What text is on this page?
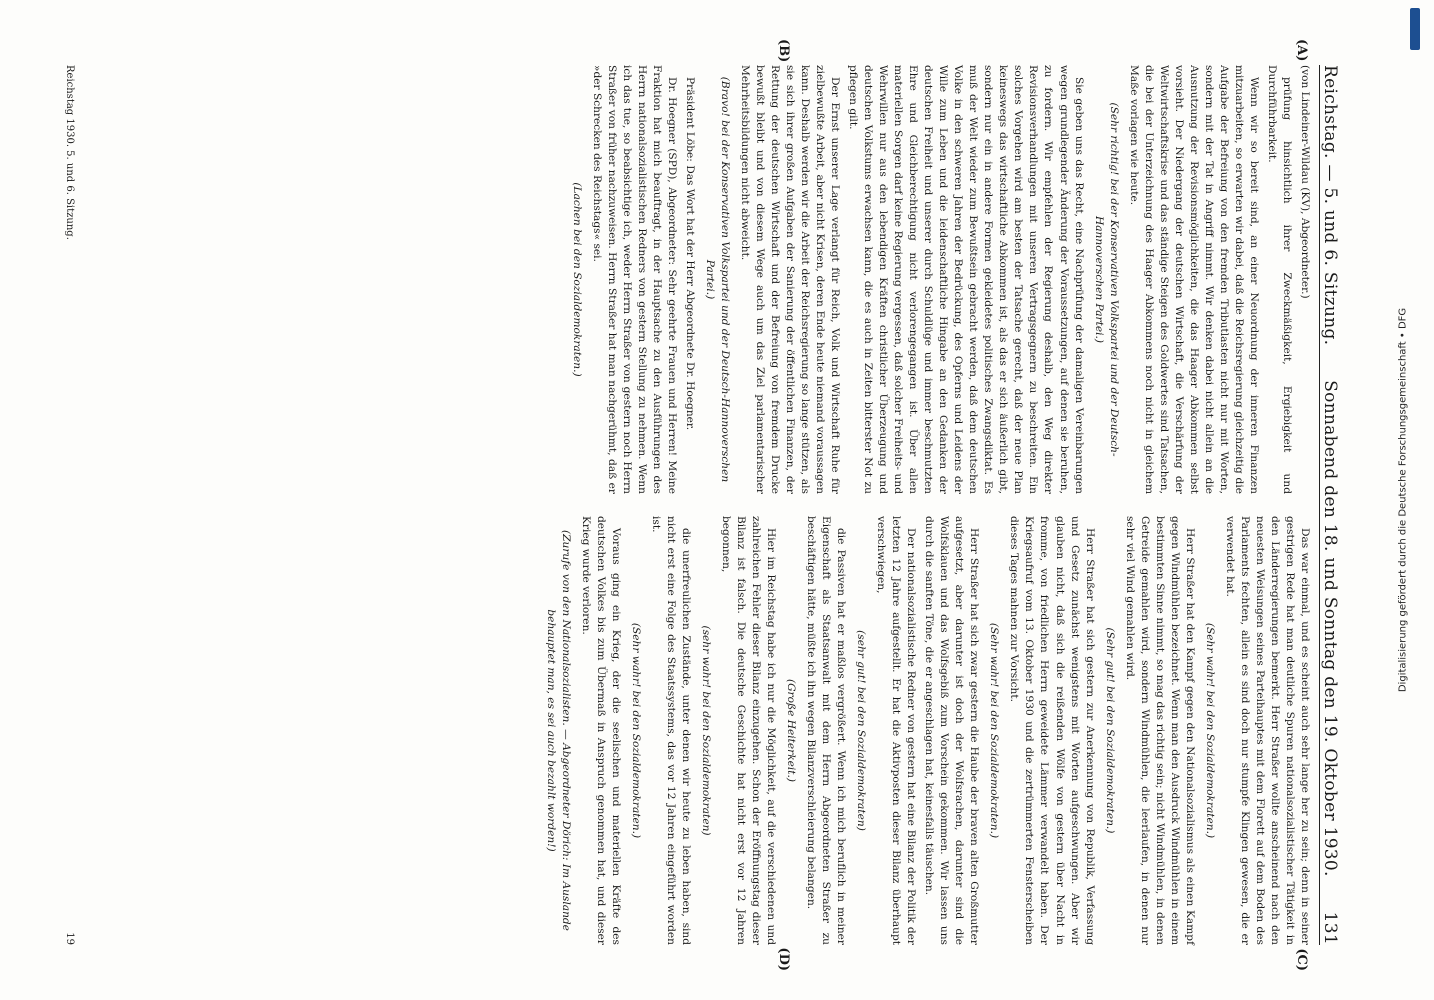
Reichstag. — 5. und 6. Sitzung.
Sonnabend den 18. und Sonntag den 19. Oktober 1930.
131
(A)
(B)

(von Lindeiner-Wildau (KV), Abgeordneter.)

prüfung hinsichtlich ihrer Zweckmäßigkeit, Ergiebigkeit und Durchführbarkeit.

Wenn wir so bereit sind, an einer Neuordnung der inneren Finanzen mitzuarbeiten, so erwarten wir dabei, daß die Reichsregierung gleichzeitig die Aufgabe der Befreiung von den fremden Tributlasten nicht nur mit Worten, sondern mit der Tat in Angriff nimmt. Wir denken dabei nicht allein an die Ausnutzung der Revisionsmöglichkeiten, die das Haager Abkommen selbst vorsieht. Der Niedergang der deutschen Wirtschaft, die Verschärfung der Weltwirtschaftskrise und das ständige Steigen des Goldwertes sind Tatsachen, die bei der Unterzeichnung des Haager Abkommens noch nicht in gleichem Maße vorlagen wie heute.

(Sehr richtig! bei der Konservativen Volkspartei und der Deutsch-Hannoverschen Partei.)

Sie geben uns das Recht, eine Nachprüfung der damaligen Vereinbarungen wegen grundlegender Änderung der Voraussetzungen, auf denen sie beruhen, zu fordern. Wir empfehlen der Regierung deshalb, den Weg direkter Revisionsverhandlungen mit unseren Vertragsgegnern zu beschreiten. Ein solches Vorgehen wird am besten der Tatsache gerecht, daß der neue Plan keineswegs das wirtschaftliche Abkommen ist, als das er sich äußerlich gibt, sondern nur ein in andere Formen gekleidetes politisches Zwangsdiktat. Es muß der Welt wieder zum Bewußtsein gebracht werden, daß dem deutschen Volke in den schweren Jahren der Bedrückung, des Opferns und Leidens der Wille zum Leben und die leidenschaftliche Hingabe an den Gedanken der deutschen Freiheit und unserer durch Schuldlüge und immer beschmutzten Ehre und Gleichberechtigung nicht verlorengegangen ist. Über allen materiellen Sorgen darf keine Regierung vergessen, daß solcher Freiheits- und Wehrwillen nur aus den lebendigen Kräften christlicher Überzeugung und deutschen Volkstums erwachsen kann, die es auch in Zeiten bitterster Not zu pflegen gilt.

Der Ernst unserer Lage verlangt für Reich, Volk und Wirtschaft Ruhe für zielbewußte Arbeit, aber nicht Krisen, deren Ende heute niemand voraussagen kann. Deshalb werden wir die Arbeit der Reichsregierung so lange stützen, als sie sich ihrer großen Aufgaben der Sanierung der öffentlichen Finanzen, der Rettung der deutschen Wirtschaft und der Befreiung von fremdem Drucke bewußt bleibt und von diesem Wege auch um das Ziel parlamentarischer Mehrheitsbildungen nicht abweicht.

(Bravo! bei der Konservativen Volkspartei und der Deutsch-Hannoverschen Partei.)

Präsident Löbe: Das Wort hat der Herr Abgeordnete Dr. Hoegner.

Dr. Hoegner (SPD), Abgeordneter: Sehr geehrte Frauen und Herren! Meine Fraktion hat mich beauftragt, in der Hauptsache zu den Ausführungen des Herrn nationalsozialistischen Redners von gestern Stellung zu nehmen. Wenn ich das tue, so beabsichtige ich, weder Herrn Straßer von gestern noch Herrn Straßer von früher nachzuweisen. Herrn Straßer hat man nachgerühmt, daß er »der Schrecken des Reichstags« sei.

(Lachen bei den Sozialdemokraten.)

(C)
(D)

Das war einmal, und es scheint auch sehr lange her zu sein; denn in seiner gestrigen Rede hat man deutliche Spuren nationalsozialistischer Tätigkeit in den Länderregierungen bemerkt. Herr Straßer wollte anscheinend nach den neuesten Weisungen seines Parteihauptes mit dem Florett auf dem Boden des Parlaments fechten, allein es sind doch nur stumpfe Klingen gewesen, die er verwendet hat.

(Sehr wahr! bei den Sozialdemokraten.)

Herr Straßer hat den Kampf gegen den Nationalsozialismus als einen Kampf gegen Windmühlen bezeichnet. Wenn man den Ausdruck Windmühlen in einem bestimmten Sinne nimmt, so mag das richtig sein; nicht Windmühlen, in denen Getreide gemahlen wird, sondern Windmühlen, die leerlaufen, in denen nur sehr viel Wind gemahlen wird.

(Sehr gut! bei den Sozialdemokraten.)

Herr Straßer hat sich gestern zur Anerkennung von Republik, Verfassung und Gesetz zunächst wenigstens mit Worten aufgeschwungen. Aber wir glauben nicht, daß sich die reißenden Wölfe von gestern über Nacht in fromme, von friedlichen Herrn geweidete Lämmer verwandelt haben. Der Kriegsaufruf vom 13. Oktober 1930 und die zertrümmerten Fensterscheiben dieses Tages mahnen zur Vorsicht.

(Sehr wahr! bei den Sozialdemokraten.)

Herr Straßer hat sich zwar gestern die Haube der braven alten Großmutter aufgesetzt, aber darunter ist doch der Wolfsrachen, darunter sind die Wolfsklauen und das Wolfsgebiß zum Vorschein gekommen. Wir lassen uns durch die sanften Töne, die er angeschlagen hat, keinesfalls täuschen.

Der nationalsozialistische Redner von gestern hat eine Bilanz der Politik der letzten 12 Jahre aufgestellt. Er hat die Aktivposten dieser Bilanz überhaupt verschwiegen,

(sehr gut! bei den Sozialdemokraten)

die Passiven hat er maßlos vergrößert. Wenn ich mich beruflich in meiner Eigenschaft als Staatsanwalt mit dem Herrn Abgeordneten Straßer zu beschäftigen hätte, müßte ich ihn wegen Bilanzverschleierung belangen.

(Große Heiterkeit.)

Hier im Reichstag habe ich nur die Möglichkeit, auf die verschiedenen und zahlreichen Fehler dieser Bilanz einzugehen. Schon der Eröffnungstag dieser Bilanz ist falsch. Die deutsche Geschichte hat nicht erst vor 12 Jahren begonnen,

(sehr wahr! bei den Sozialdemokraten)

die unerfreulichen Zustände, unter denen wir heute zu leben haben, sind nicht erst eine Folge des Staatssystems, das vor 12 Jahren eingeführt worden ist.

(Sehr wahr! bei den Sozialdemokraten.)

Voraus ging ein Krieg, der die seelischen und materiellen Kräfte des deutschen Volkes bis zum Übermaß in Anspruch genommen hat, und dieser Krieg wurde verloren.

(Zurufe von den Nationalsozialisten. — Abgeordneter Dörich: Im Auslande behauptet man, es sei auch bezahlt worden!)

Reichstag 1930. 5. und 6. Sitzung.
19
Digitalisierung gefördert durch die Deutsche Forschungsgemeinschaft • DFG
